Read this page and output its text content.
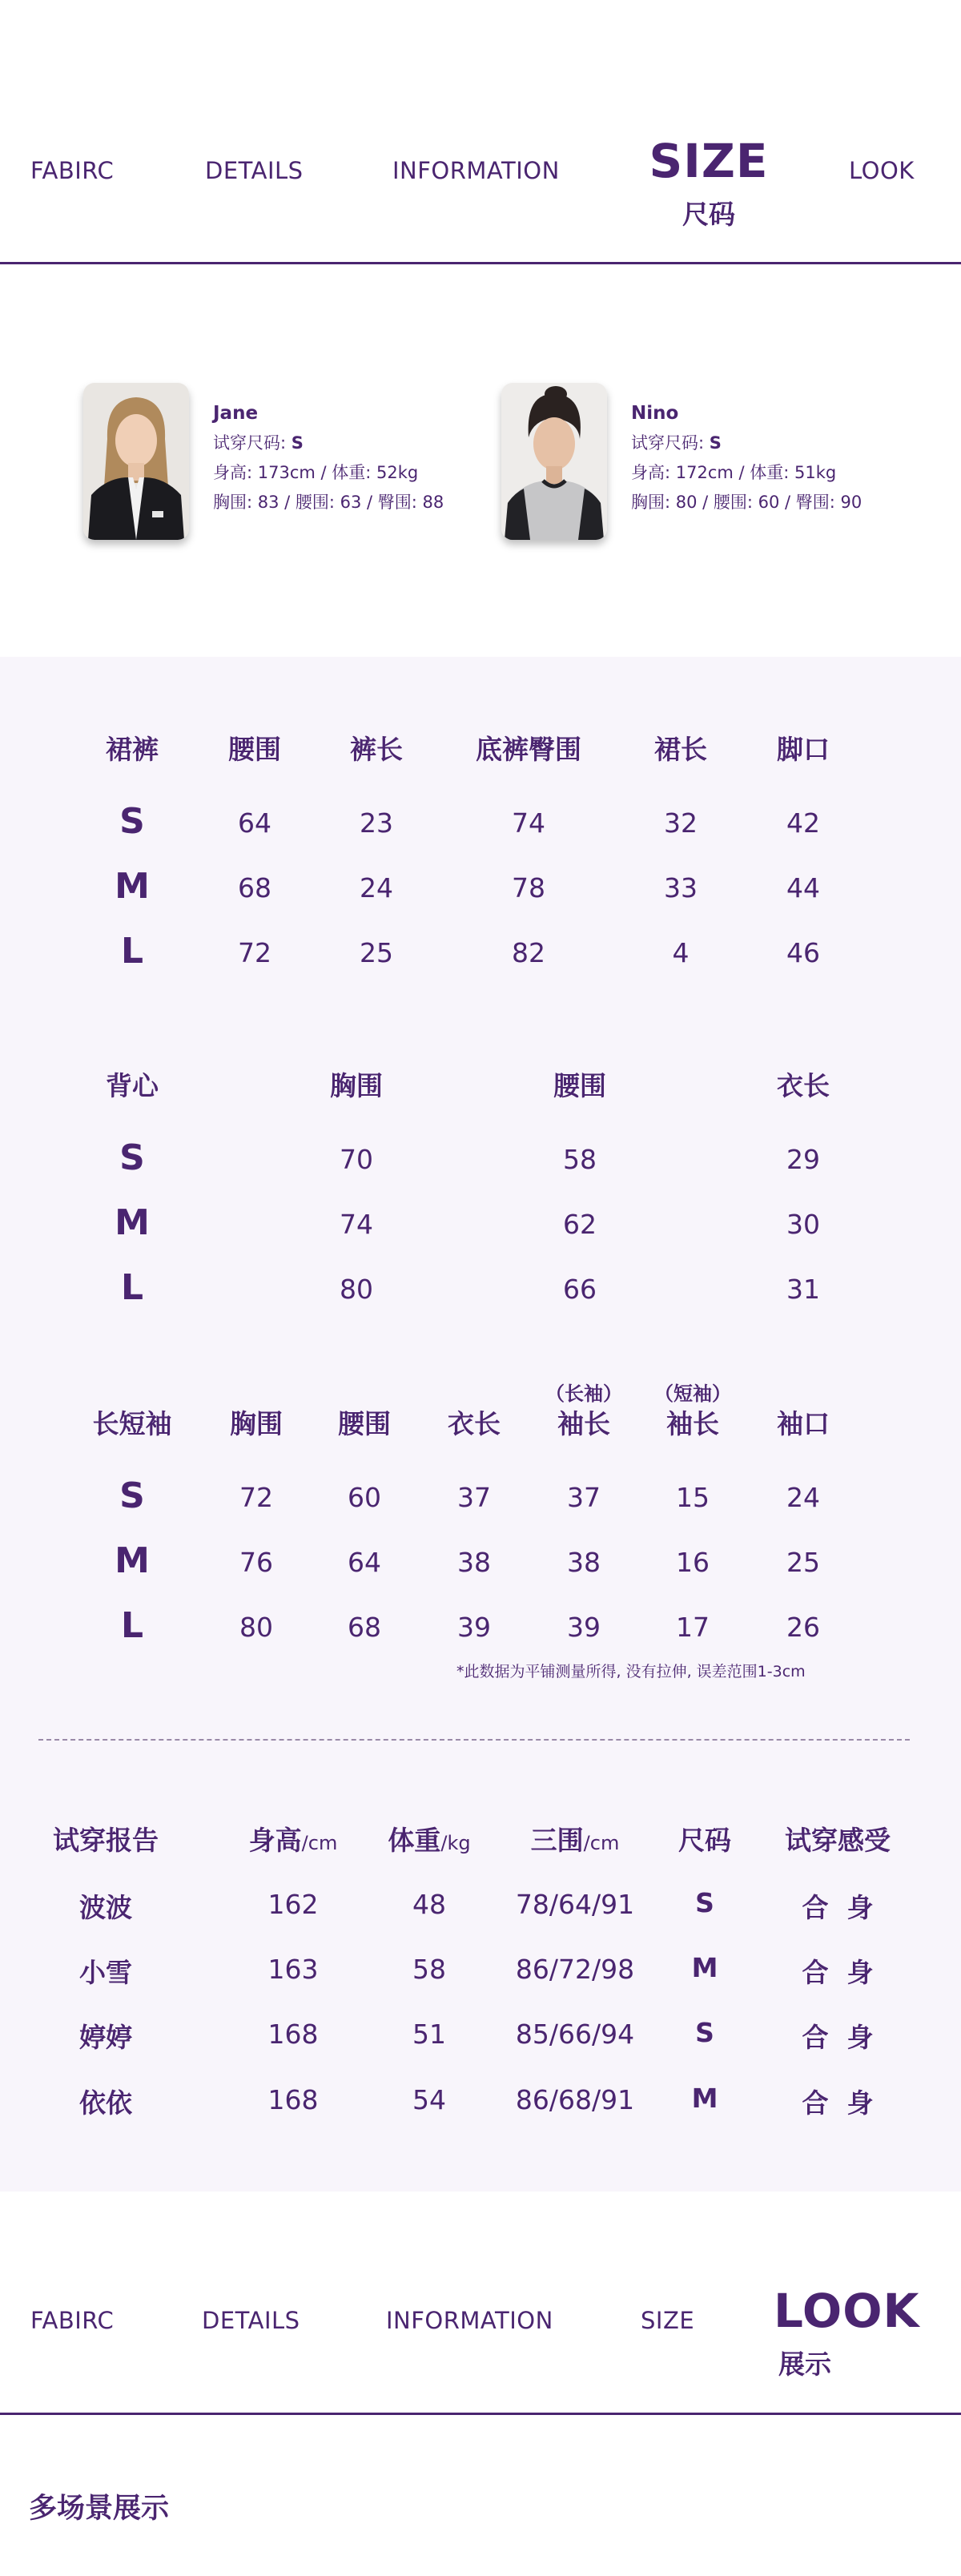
FABIRC	DETAILS	INFORMATION SIZE
尺码
LOOK
Jane
试穿尺码: S
身高: 173cm / 体重: 52kg
胸围: 83 / 腰围: 63 / 臀围: 88
Nino
试穿尺码: S
身高: 172cm / 体重: 51kg
胸围: 80 / 腰围: 60 / 臀围: 90
裙裤	腰围	裤长	底裤臀围	裙长	脚口
S	64	23	74	32	42
M	68	24	78	33	44
L	72	25	82	4	46
背心	胸围	腰围	衣长
S	70	58	29
M	74	62	30
L	80	66	31
（长袖） （短袖）
长短袖 胸围 腰围 衣长 袖长 袖长 袖口
S	72	60	37	37	15	24
M	76	64	38	38	16	25
L	80	68	39	39	17	26
*此数据为平铺测量所得, 没有拉伸, 误差范围1-3cm
试穿报告	身高/cm 体重/kg 三围/cm 尺码 试穿感受
波波	162	48	78/64/91 S	合  身
小雪	163	58	86/72/98 M	合  身
婷婷	168	51	85/66/94 S	合  身
依依	168	54	86/68/91 M	合  身
FABIRC	DETAILS	INFORMATION	SIZE LOOK
展示
多场景展示
